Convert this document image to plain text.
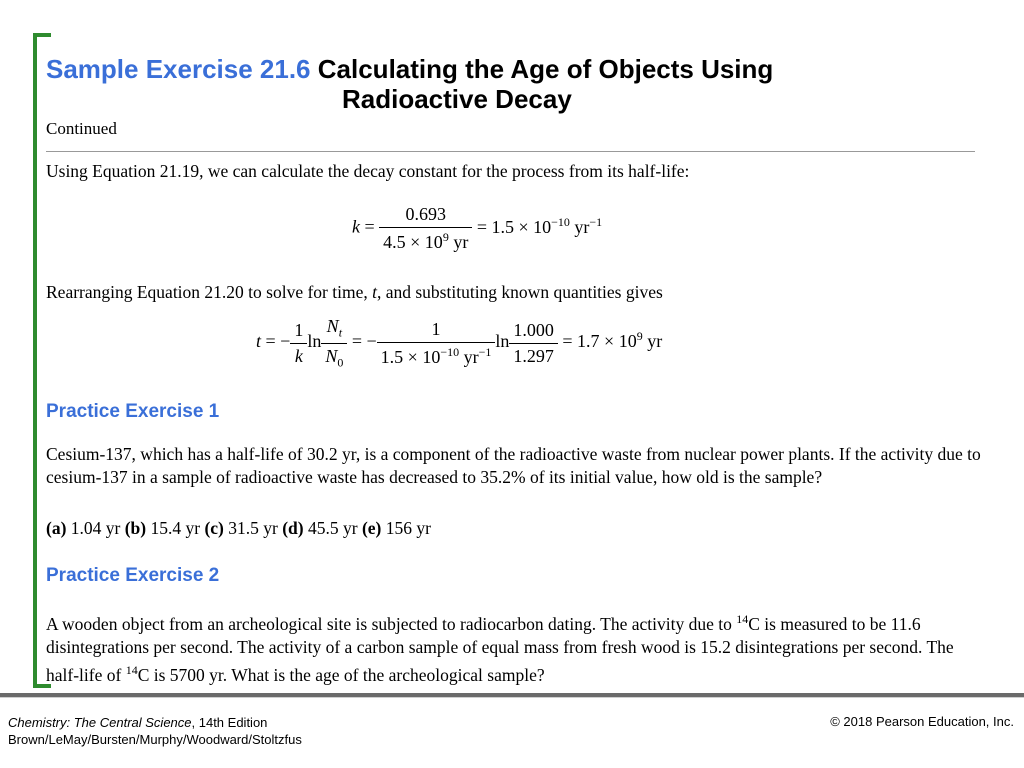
Sample Exercise 21.6 Calculating the Age of Objects Using
Radioactive Decay
Continued
Using Equation 21.19, we can calculate the decay constant for the process from its half-life:
$k = \frac{0.693}{4.5 \times 10^9 yr} = 1.5 \times 10^{-10}$ $yr^{-1}$
Rearranging Equation 21.20 to solve for time, t, and substituting known quantities gives
t = − $\frac{1}{k}$ $\ln \frac{N_t}{N_0}$ = − $\frac{1}{1.5 \times 10^{-10} yr^{-1}}$ $\ln \frac{1.000}{1.297} = 1.7 \times 10^9$ yr
Practice Exercise 1
Cesium-137, which has a half-life of 30.2 yr, is a component of the radioactive waste from nuclear power plants. If the activity due to cesium-137 in a sample of radioactive waste has decreased to 35.2% of its initial value, how old is the sample?
(a) 1.04 yr (b) 15.4 yr (c) 31.5 yr (d) 45.5 yr (e) 156 yr
Practice Exercise 2
A wooden object from an archeological site is subjected to radiocarbon dating. The activity due to $^{14}$C is measured to be 11.6 disintegrations per second. The activity of a carbon sample of equal mass from fresh wood is 15.2 disintegrations per second. The half-life of $^{14}$C is 5700 yr. What is the age of the archeological sample?
Chemistry: The Central Science, 14th Edition
Brown/LeMay/Bursten/Murphy/Woodward/Stoltzfus
© 2018 Pearson Education, Inc.
